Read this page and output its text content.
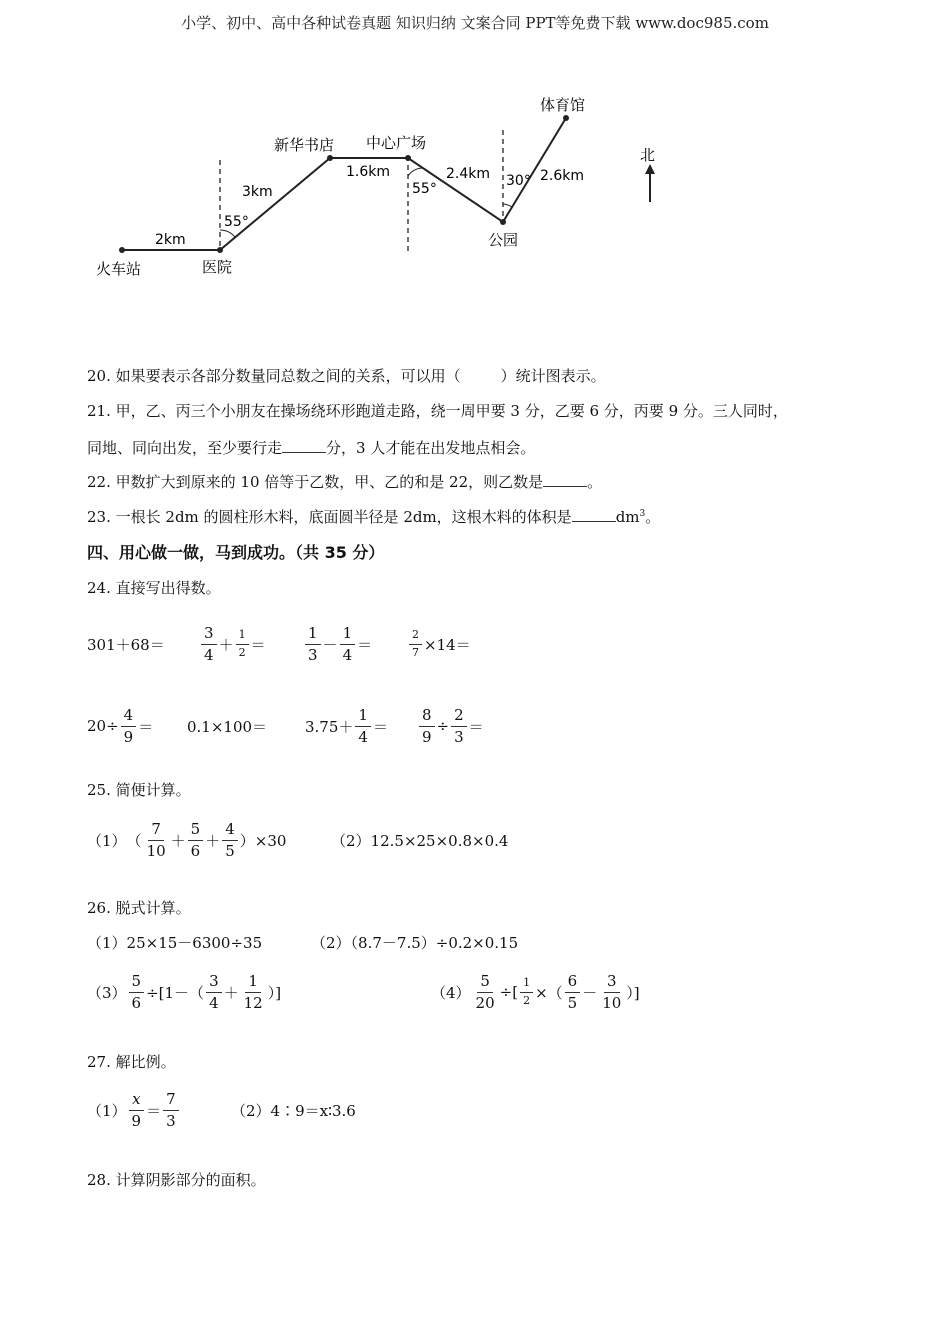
小学、初中、高中各种试卷真题 知识归纳 文案合同 PPT等免费下载 www.doc985.com
火车站	医院
新华书店 中心广场
公园
体育馆
北
2km
3km
1.6km	2.4km	2.6km
55°
55°	30°
20. 如果要表示各部分数量同总数之间的关系，可以用（	）统计图表示。
21. 甲，乙、丙三个小朋友在操场绕环形跑道走路，绕一周甲要 3 分，乙要 6 分，丙要 9 分。三人同时，
同地、同向出发，至少要行走	分，3 人才能在出发地点相会。
22. 甲数扩大到原来的 10 倍等于乙数，甲、乙的和是 22，则乙数是	。
23. 一根长 2dm 的圆柱形木料，底面圆半径是 2dm，这根木料的体积是	$dm^3$。
四、用心做一做，马到成功。（共 35 分）
24. 直接写出得数。
301＋68＝
3
4
＋
1
2 ＝
1
3
－
1
4
＝	$\frac{2}{7} \times 14=$
$20\div \frac{4}{9} = 0.1\times 100=$	3.75＋
1
4
＝ $\frac{8}{9} \div \frac{2}{3}$ ＝
25. 简便计算。
（1） （
7
10
＋
5
6
＋
4
5
）×30	（2）12.5×25×0.8×0.4
26. 脱式计算。
（1）25×15－6300÷35	（2）（8.7－7.5）÷0.2×0.15
$(3) \frac{5}{6} \div[1-$（
3
4
＋
1
12
）]	$(4) \frac{5}{20}$ ÷[ $\frac{1}{2}$ ×（
6
5
－
3
10
）]
27. 解比例。
（1）
x
9
＝
7
3
（2）4∶9＝x∶3.6
28. 计算阴影部分的面积。
